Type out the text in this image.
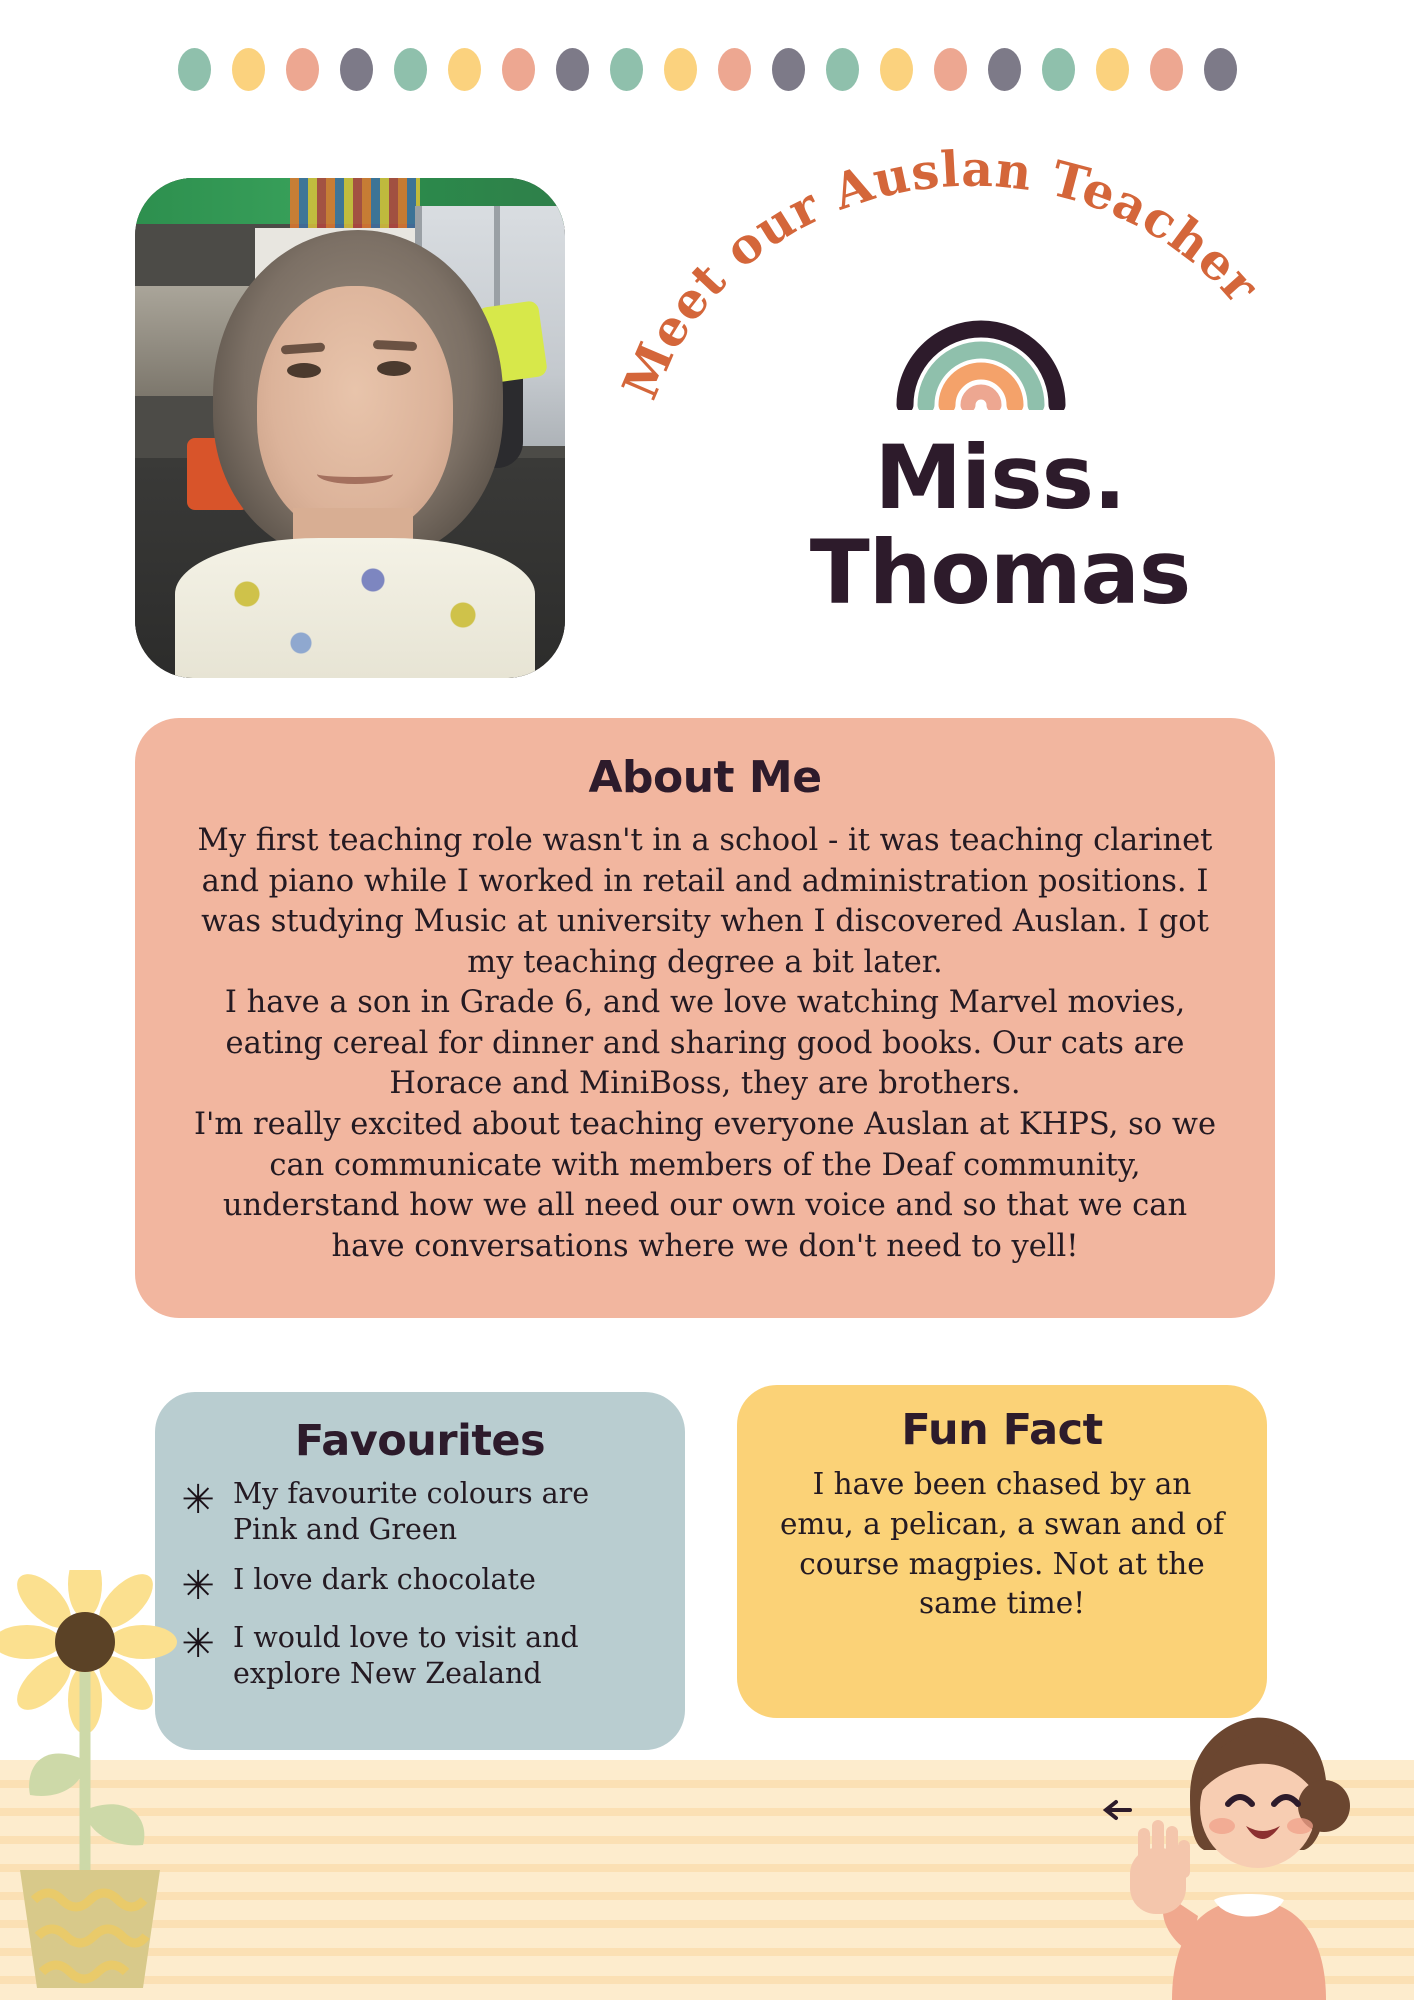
Meet our Auslan Teacher
Miss.
Thomas
About Me

My first teaching role wasn't in a school - it was teaching clarinet and piano while I worked in retail and administration positions. I was studying Music at university when I discovered Auslan. I got my teaching degree a bit later.

I have a son in Grade 6, and we love watching Marvel movies, eating cereal for dinner and sharing good books. Our cats are Horace and MiniBoss, they are brothers.

I'm really excited about teaching everyone Auslan at KHPS, so we can communicate with members of the Deaf community, understand how we all need our own voice and so that we can have conversations where we don't need to yell!

Favourites
✳ My favourite colours are Pink and Green
✳ I love dark chocolate
✳ I would love to visit and explore New Zealand
Fun Fact
I have been chased by an emu, a pelican, a swan and of course magpies. Not at the same time!
